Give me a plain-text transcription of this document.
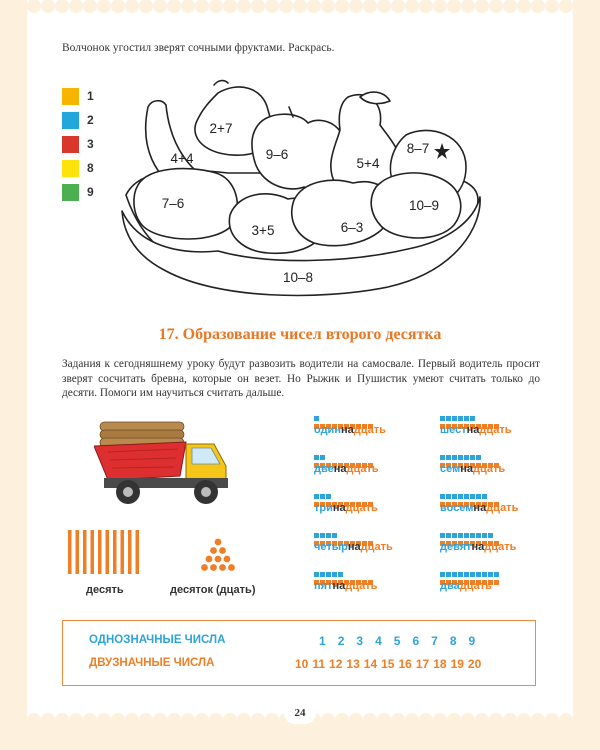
Волчонок угостил зверят сочными фруктами. Раскрась.
1
2
3
8
9
2+7
4+4	9–6
5+4
8–7
7–6
3+5	6–3
10–9
10–8
17. Образование чисел второго десятка
Задания к сегодняшнему уроку будут развозить водители на самосвале. Первый водитель просит зверят сосчитать бревна, которые он везет. Но Рыжик и Пушистик умеют считать только до десяти. Помоги им научиться считать дальше.
десять	десяток (дцать)
одиннадцать
двенадцать
тринадцать
четырнадцать
пятнадцать
шестнадцать
семнадцать
восемнадцать
девятнадцать
двадцать
ОДНОЗНАЧНЫЕ ЧИСЛА	1 2 3 4 5 6 7 8 9
ДВУЗНАЧНЫЕ ЧИСЛА	10 11 12 13 14 15 16 17 18 19 20
24
